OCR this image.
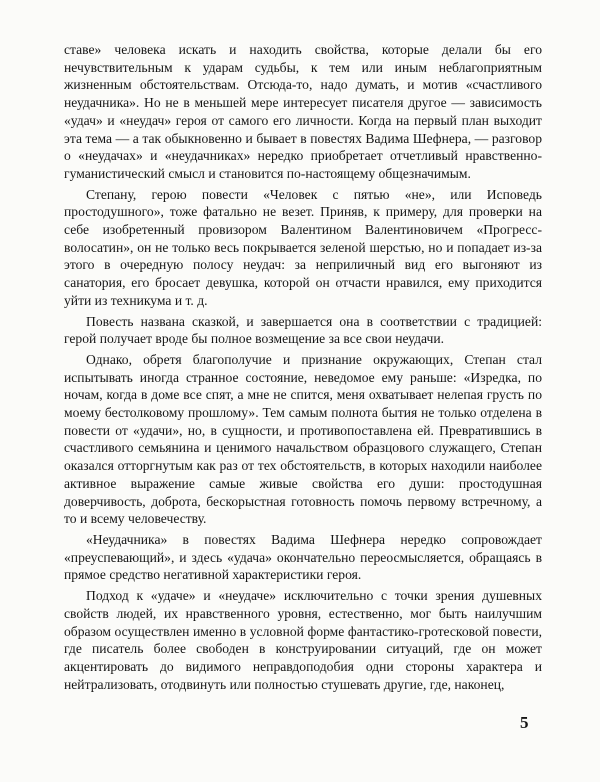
ставе» человека искать и находить свойства, которые делали бы его нечувствительным к ударам судьбы, к тем или иным неблагоприятным жизненным обстоятельствам. Отсюда-то, надо думать, и мотив «счастливого неудачника». Но не в меньшей мере интересует писателя другое — зависимость «удач» и «неудач» героя от самого его личности. Когда на первый план выходит эта тема — а так обыкновенно и бывает в повестях Вадима Шефнера, — разговор о «неудачах» и «неудачниках» нередко приобретает отчетливый нравственно-гуманистический смысл и становится по-настоящему общезначимым.

Степану, герою повести «Человек с пятью «не», или Исповедь простодушного», тоже фатально не везет. Приняв, к примеру, для проверки на себе изобретенный провизором Валентином Валентиновичем «Прогресс-волосатин», он не только весь покрывается зеленой шерстью, но и попадает из-за этого в очередную полосу неудач: за неприличный вид его выгоняют из санатория, его бросает девушка, которой он отчасти нравился, ему приходится уйти из техникума и т. д.

Повесть названа сказкой, и завершается она в соответствии с традицией: герой получает вроде бы полное возмещение за все свои неудачи.

Однако, обретя благополучие и признание окружающих, Степан стал испытывать иногда странное состояние, неведомое ему раньше: «Изредка, по ночам, когда в доме все спят, а мне не спится, меня охватывает нелепая грусть по моему бестолковому прошлому». Тем самым полнота бытия не только отделена в повести от «удачи», но, в сущности, и противопоставлена ей. Превратившись в счастливого семьянина и ценимого начальством образцового служащего, Степан оказался отторгнутым как раз от тех обстоятельств, в которых находили наиболее активное выражение самые живые свойства его души: простодушная доверчивость, доброта, бескорыстная готовность помочь первому встречному, а то и всему человечеству.

«Неудачника» в повестях Вадима Шефнера нередко сопровождает «преуспевающий», и здесь «удача» окончательно переосмысляется, обращаясь в прямое средство негативной характеристики героя.

Подход к «удаче» и «неудаче» исключительно с точки зрения душевных свойств людей, их нравственного уровня, естественно, мог быть наилучшим образом осуществлен именно в условной форме фантастико-гротесковой повести, где писатель более свободен в конструировании ситуаций, где он может акцентировать до видимого неправдоподобия одни стороны характера и нейтрализовать, отодвинуть или полностью стушевать другие, где, наконец,

5
